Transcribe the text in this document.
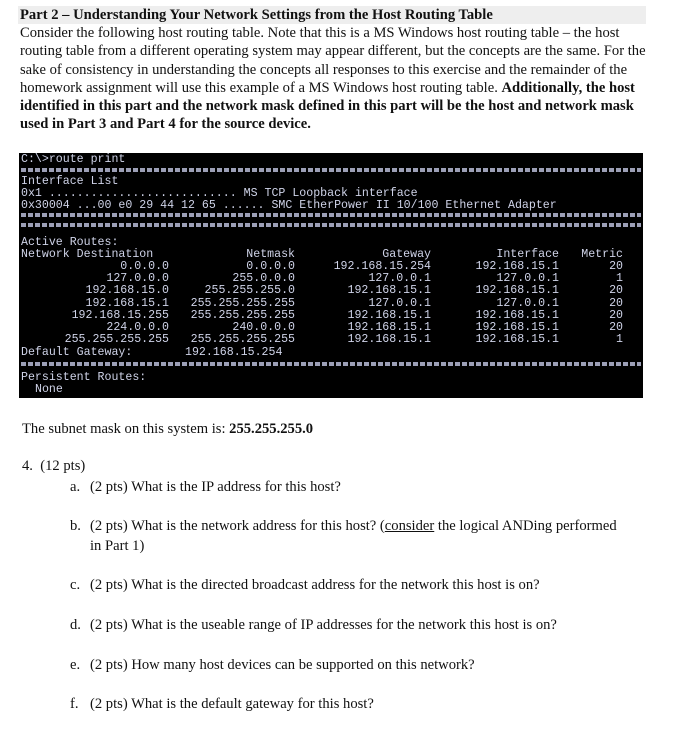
Part 2 – Understanding Your Network Settings from the Host Routing Table
Consider the following host routing table. Note that this is a MS Windows host routing table – the host routing table from a different operating system may appear different, but the concepts are the same. For the sake of consistency in understanding the concepts all responses to this exercise and the remainder of the homework assignment will use this example of a MS Windows host routing table. Additionally, the host identified in this part and the network mask defined in this part will be the host and network mask used in Part 3 and Part 4 for the source device.
C:\>route print
Interface List
0x1 ........................... MS TCP Loopback interface
0x30004 ...00 e0 29 44 12 65 ...... SMC EtherPower II 10/100 Ethernet Adapter
Active Routes:
Network Destination	Netmask	Gateway	Interface	Metric
0.0.0.0	0.0.0.0	192.168.15.254	192.168.15.1	20
127.0.0.0	255.0.0.0	127.0.0.1	127.0.0.1	1
192.168.15.0	255.255.255.0	192.168.15.1	192.168.15.1	20
192.168.15.1	255.255.255.255	127.0.0.1	127.0.0.1	20
192.168.15.255	255.255.255.255	192.168.15.1	192.168.15.1	20
224.0.0.0	240.0.0.0	192.168.15.1	192.168.15.1	20
255.255.255.255	255.255.255.255	192.168.15.1	192.168.15.1	1
Default Gateway:	192.168.15.254
Persistent Routes:
None
The subnet mask on this system is: 255.255.255.0
4.  (12 pts)
a. (2 pts) What is the IP address for this host?
b. (2 pts) What is the network address for this host? (consider the logical ANDing performed in Part 1)
c. (2 pts) What is the directed broadcast address for the network this host is on?
d. (2 pts) What is the useable range of IP addresses for the network this host is on?
e. (2 pts) How many host devices can be supported on this network?
f. (2 pts) What is the default gateway for this host?
